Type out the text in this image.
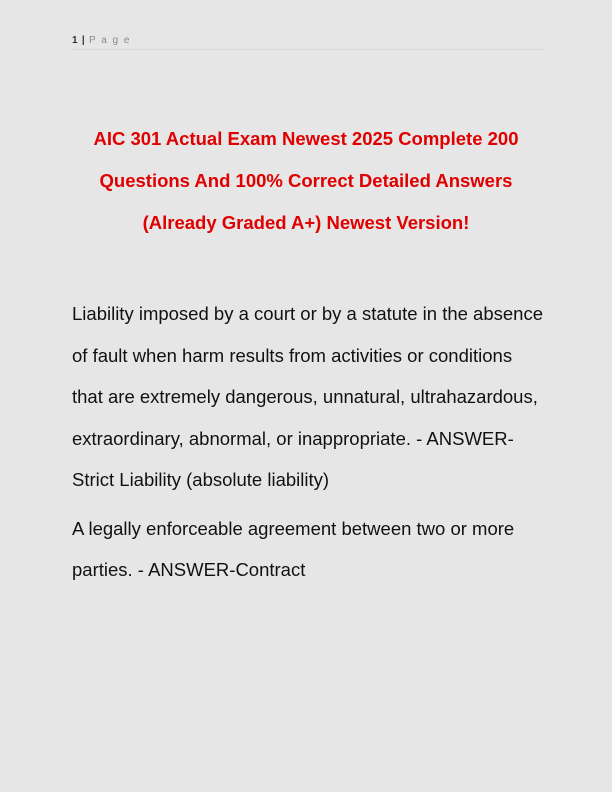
1 | P a g e
AIC 301 Actual Exam Newest 2025 Complete 200
Questions And 100% Correct Detailed Answers
(Already Graded A+) Newest Version!

Liability imposed by a court or by a statute in the absence of fault when harm results from activities or conditions that are extremely dangerous, unnatural, ultrahazardous, extraordinary, abnormal, or inappropriate. - ANSWER-Strict Liability (absolute liability)

A legally enforceable agreement between two or more parties. - ANSWER-Contract
